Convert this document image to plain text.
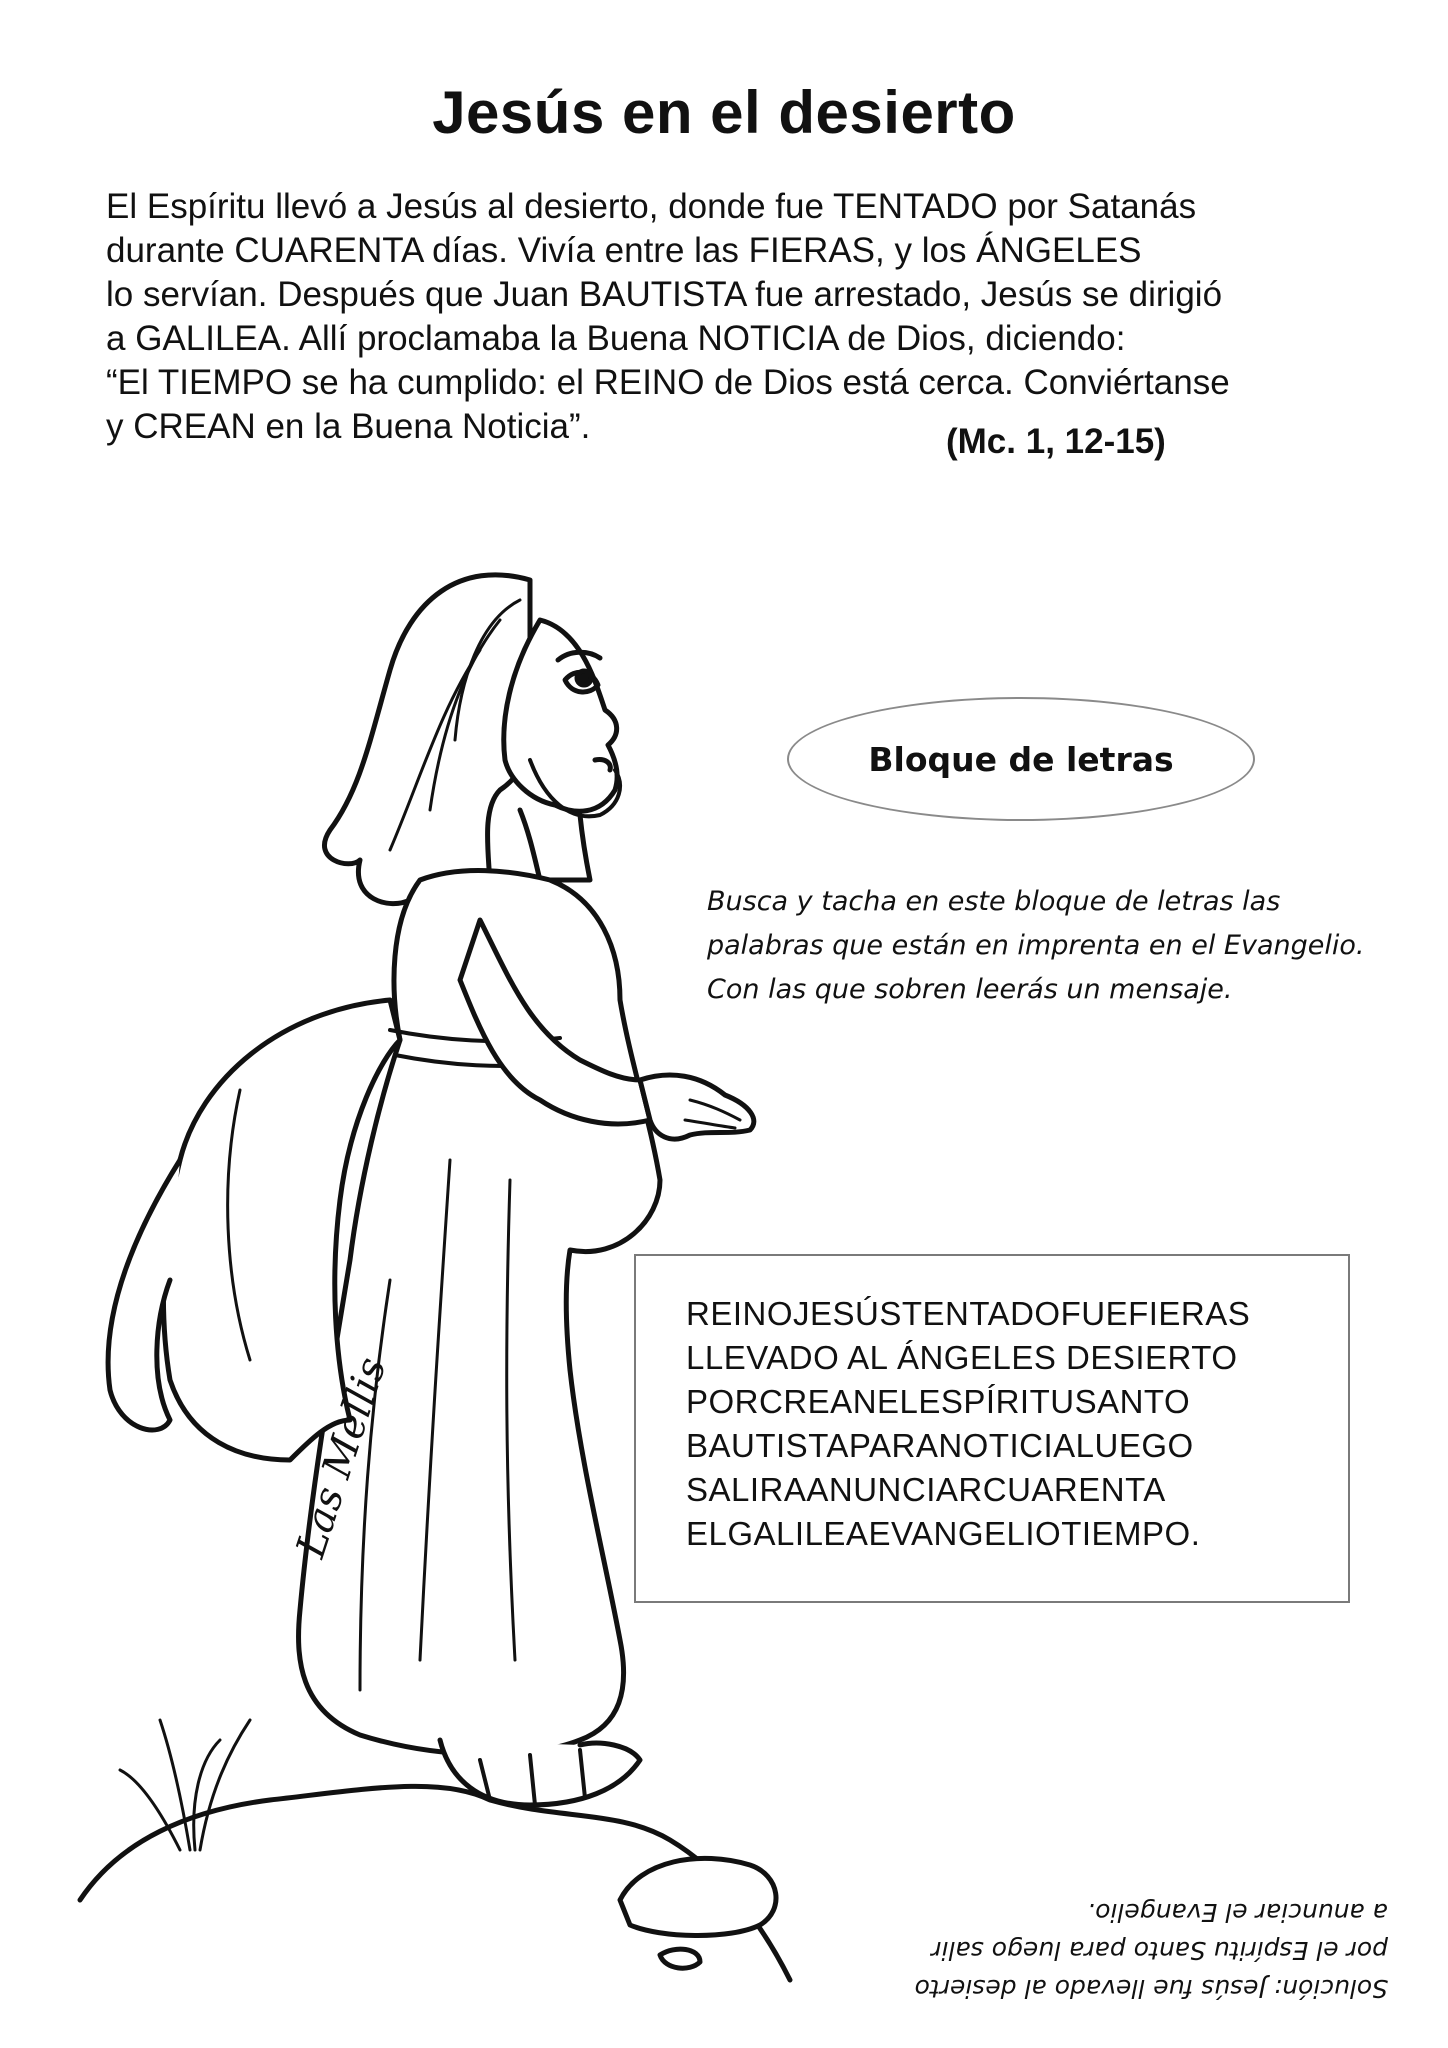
Jesús en el desierto
El Espíritu llevó a Jesús al desierto, donde fue TENTADO por Satanás
durante CUARENTA días. Vivía entre las FIERAS, y los ÁNGELES
lo servían. Después que Juan BAUTISTA fue arrestado, Jesús se dirigió
a GALILEA. Allí proclamaba la Buena NOTICIA de Dios, diciendo:
“El TIEMPO se ha cumplido: el REINO de Dios está cerca. Conviértanse
y CREAN en la Buena Noticia”.	(Mc. 1, 12-15)
Las Mellis
Bloque de letras
Busca y tacha en este bloque de letras las
palabras que están en imprenta en el Evangelio.
Con las que sobren leerás un mensaje.
REINOJESÚSTENTADOFUEFIERAS
LLEVADO AL ÁNGELES DESIERTO
PORCREANELESPÍRITUSANTO
BAUTISTAPARANOTICIALUEGO
SALIRAANUNCIARCUARENTA
ELGALILEAEVANGELIOTIEMPO.
Solución: Jesús fue llevado al desierto
por el Espíritu Santo para luego salir
a anunciar el Evangelio.
